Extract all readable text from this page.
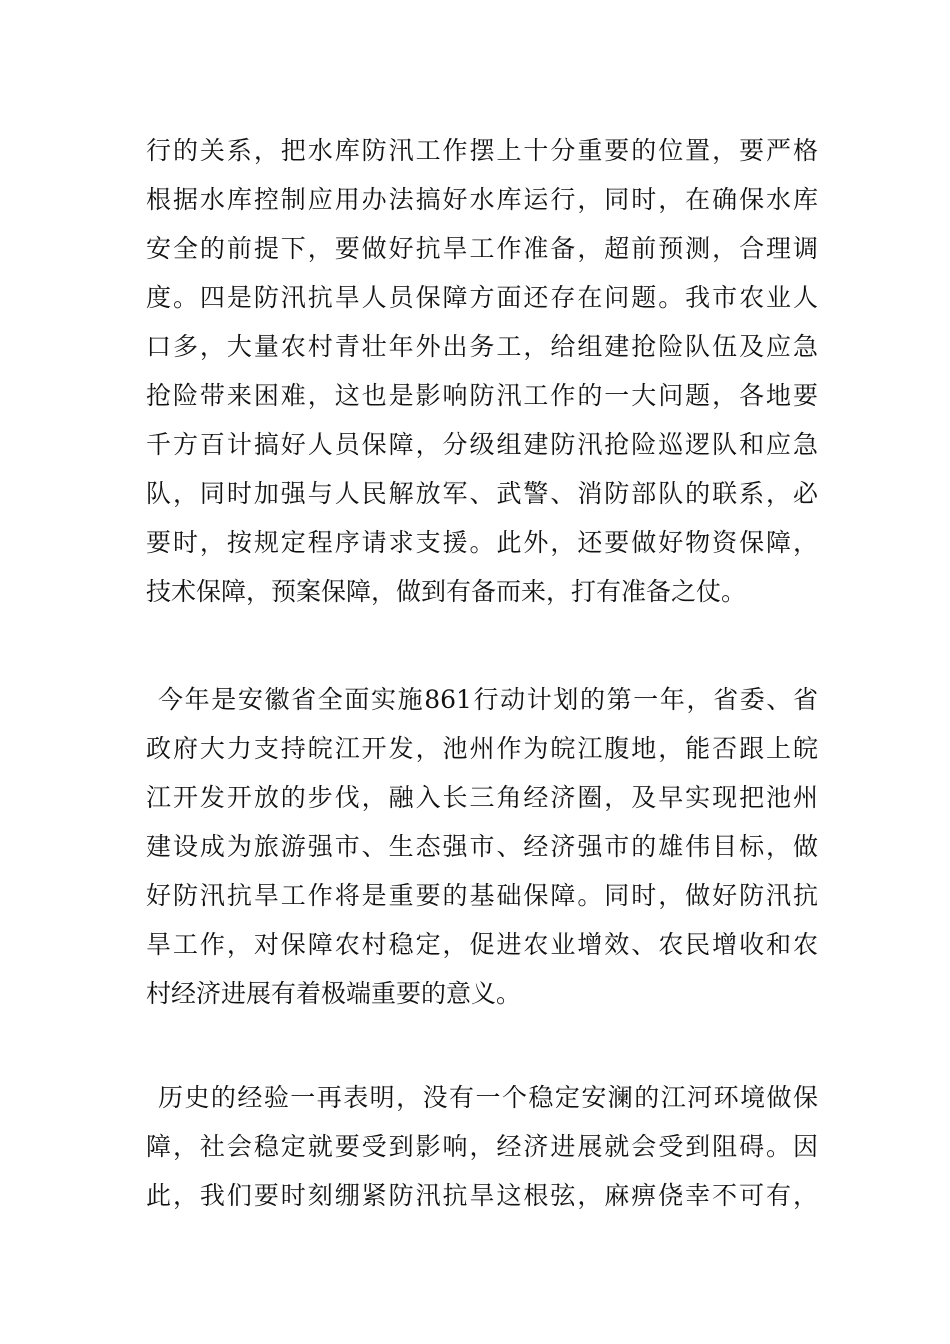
行的关系，把水库防汛工作摆上十分重要的位置，要严格
根据水库控制应用办法搞好水库运行，同时，在确保水库
安全的前提下，要做好抗旱工作准备，超前预测，合理调
度。四是防汛抗旱人员保障方面还存在问题。我市农业人
口多，大量农村青壮年外出务工，给组建抢险队伍及应急
抢险带来困难，这也是影响防汛工作的一大问题，各地要
千方百计搞好人员保障，分级组建防汛抢险巡逻队和应急
队，同时加强与人民解放军、武警、消防部队的联系，必
要时，按规定程序请求支援。此外，还要做好物资保障，
技术保障，预案保障，做到有备而来，打有准备之仗。
今年是安徽省全面实施861行动计划的第一年，省委、省
政府大力支持皖江开发，池州作为皖江腹地，能否跟上皖
江开发开放的步伐，融入长三角经济圈，及早实现把池州
建设成为旅游强市、生态强市、经济强市的雄伟目标，做
好防汛抗旱工作将是重要的基础保障。同时，做好防汛抗
旱工作，对保障农村稳定，促进农业增效、农民增收和农
村经济进展有着极端重要的意义。
历史的经验一再表明，没有一个稳定安澜的江河环境做保
障，社会稳定就要受到影响，经济进展就会受到阻碍。因
此，我们要时刻绷紧防汛抗旱这根弦，麻痹侥幸不可有，
